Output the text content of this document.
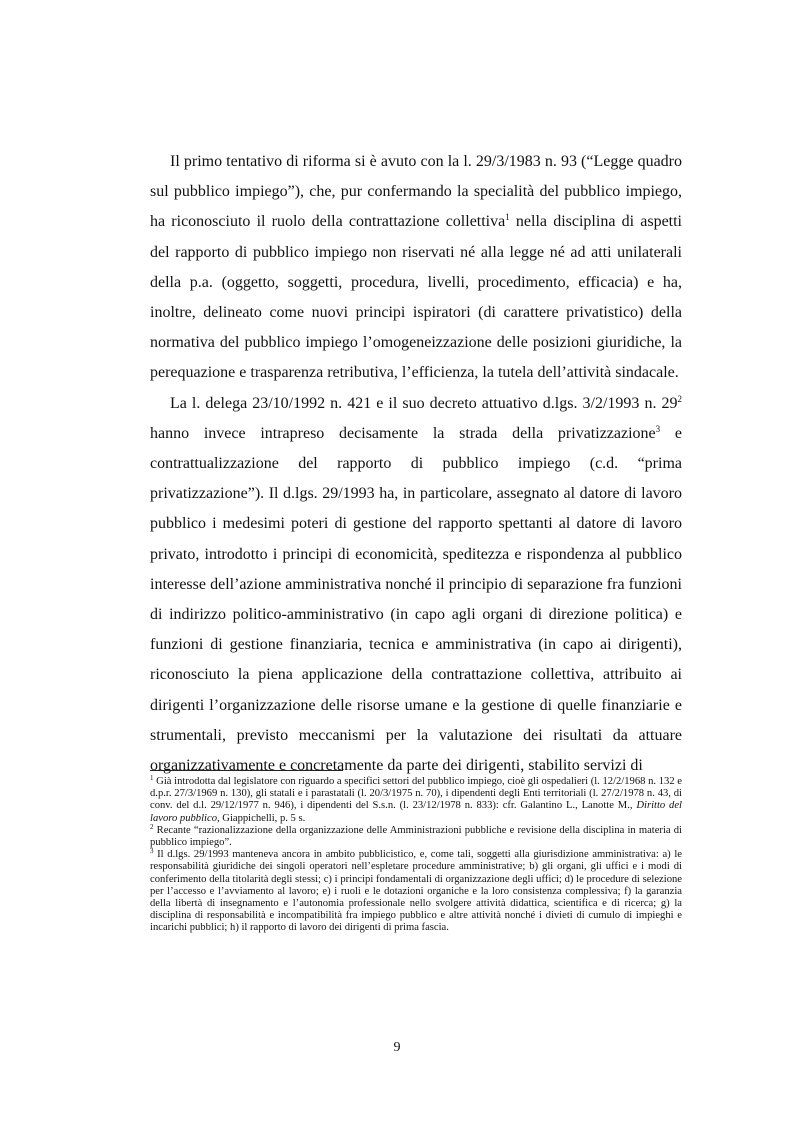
Il primo tentativo di riforma si è avuto con la l. 29/3/1983 n. 93 (“Legge quadro sul pubblico impiego”), che, pur confermando la specialità del pubblico impiego, ha riconosciuto il ruolo della contrattazione collettiva$^1$ nella disciplina di aspetti del rapporto di pubblico impiego non riservati né alla legge né ad atti unilaterali della p.a. (oggetto, soggetti, procedura, livelli, procedimento, efficacia) e ha, inoltre, delineato come nuovi principi ispiratori (di carattere privatistico) della normativa del pubblico impiego l’omogeneizzazione delle posizioni giuridiche, la perequazione e trasparenza retributiva, l’efficienza, la tutela dell’attività sindacale.

La l. delega 23/10/1992 n. 421 e il suo decreto attuativo d.lgs. 3/2/1993 n. $29^2$ hanno invece intrapreso decisamente la strada della privatizzazione$^3$ e contrattualizzazione del rapporto di pubblico impiego (c.d. “prima privatizzazione”). Il d.lgs. 29/1993 ha, in particolare, assegnato al datore di lavoro pubblico i medesimi poteri di gestione del rapporto spettanti al datore di lavoro privato, introdotto i principi di economicità, speditezza e rispondenza al pubblico interesse dell’azione amministrativa nonché il principio di separazione fra funzioni di indirizzo politico-amministrativo (in capo agli organi di direzione politica) e funzioni di gestione finanziaria, tecnica e amministrativa (in capo ai dirigenti), riconosciuto la piena applicazione della contrattazione collettiva, attribuito ai dirigenti l’organizzazione delle risorse umane e la gestione di quelle finanziarie e strumentali, previsto meccanismi per la valutazione dei risultati da attuare organizzativamente e concretamente da parte dei dirigenti, stabilito servizi di

$^1$ Già introdotta dal legislatore con riguardo a specifici settori del pubblico impiego, cioè gli ospedalieri (l. 12/2/1968 n. 132 e d.p.r. 27/3/1969 n. 130), gli statali e i parastatali (l. 20/3/1975 n. 70), i dipendenti degli Enti territoriali (l. 27/2/1978 n. 43, di conv. del d.l. 29/12/1977 n. 946), i dipendenti del S.s.n. (l. 23/12/1978 n. 833): cfr. Galantino L., Lanotte M., Diritto del lavoro pubblico, Giappichelli, p. 5 s.

$^2$ Recante “razionalizzazione della organizzazione delle Amministrazioni pubbliche e revisione della disciplina in materia di pubblico impiego”.

$^3$ Il d.lgs. 29/1993 manteneva ancora in ambito pubblicistico, e, come tali, soggetti alla giurisdizione amministrativa: a) le responsabilità giuridiche dei singoli operatori nell’espletare procedure amministrative; b) gli organi, gli uffici e i modi di conferimento della titolarità degli stessi; c) i principi fondamentali di organizzazione degli uffici; d) le procedure di selezione per l’accesso e l’avviamento al lavoro; e) i ruoli e le dotazioni organiche e la loro consistenza complessiva; f) la garanzia della libertà di insegnamento e l’autonomia professionale nello svolgere attività didattica, scientifica e di ricerca; g) la disciplina di responsabilità e incompatibilità fra impiego pubblico e altre attività nonché i divieti di cumulo di impieghi e incarichi pubblici; h) il rapporto di lavoro dei dirigenti di prima fascia.

9
